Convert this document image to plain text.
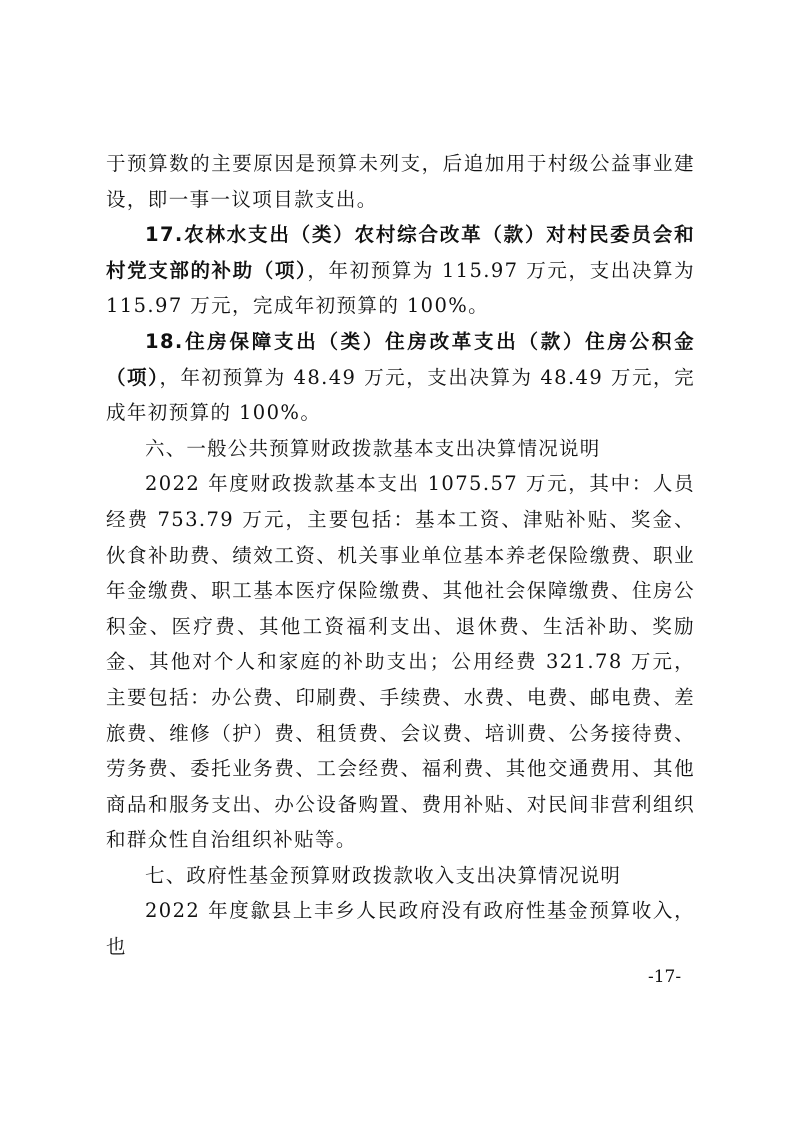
于预算数的主要原因是预算未列支，后追加用于村级公益事业建设，即一事一议项目款支出。

17.农林水支出（类）农村综合改革（款）对村民委员会和村党支部的补助（项），年初预算为 115.97 万元，支出决算为 115.97 万元，完成年初预算的 100%。

18.住房保障支出（类）住房改革支出（款）住房公积金（项），年初预算为 48.49 万元，支出决算为 48.49 万元，完成年初预算的 100%。

六、一般公共预算财政拨款基本支出决算情况说明

2022 年度财政拨款基本支出 1075.57 万元，其中：人员经费 753.79 万元，主要包括：基本工资、津贴补贴、奖金、伙食补助费、绩效工资、机关事业单位基本养老保险缴费、职业年金缴费、职工基本医疗保险缴费、其他社会保障缴费、住房公积金、医疗费、其他工资福利支出、退休费、生活补助、奖励金、其他对个人和家庭的补助支出；公用经费 321.78 万元，主要包括：办公费、印刷费、手续费、水费、电费、邮电费、差旅费、维修（护）费、租赁费、会议费、培训费、公务接待费、劳务费、委托业务费、工会经费、福利费、其他交通费用、其他商品和服务支出、办公设备购置、费用补贴、对民间非营利组织和群众性自治组织补贴等。

七、政府性基金预算财政拨款收入支出决算情况说明

2022 年度歙县上丰乡人民政府没有政府性基金预算收入，也

-17-
